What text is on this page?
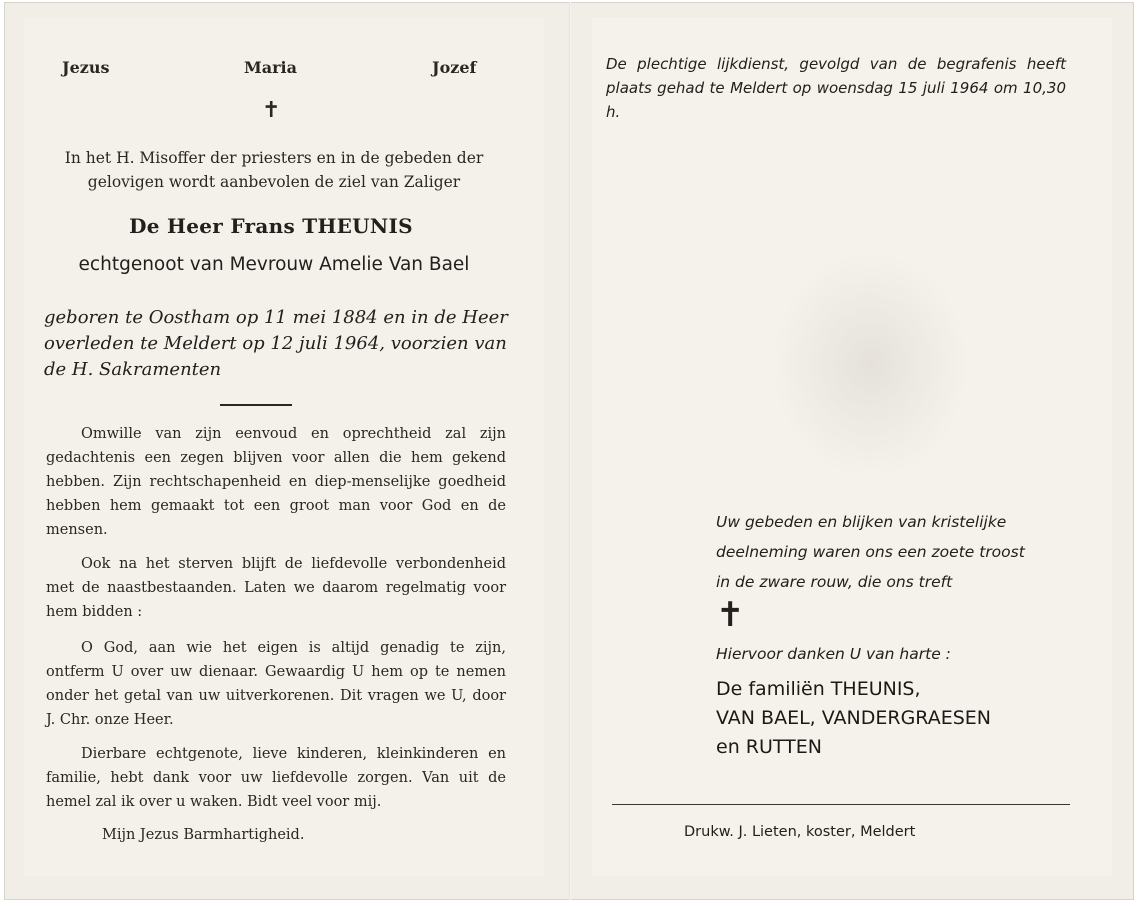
Jezus	Maria	Jozef
✝
In het H. Misoffer der priesters en in de gebeden der gelovigen wordt aanbevolen de ziel van Zaliger
De Heer Frans THEUNIS
echtgenoot van Mevrouw Amelie Van Bael
geboren te Oostham op 11 mei 1884 en in de Heer overleden te Meldert op 12 juli 1964, voorzien van de H. Sakramenten
Omwille van zijn eenvoud en oprechtheid zal zijn gedachtenis een zegen blijven voor allen die hem gekend hebben. Zijn rechtschapenheid en diep-menselijke goedheid hebben hem gemaakt tot een groot man voor God en de mensen.
Ook na het sterven blijft de liefdevolle verbondenheid met de naastbestaanden. Laten we daarom regelmatig voor hem bidden :
O God, aan wie het eigen is altijd genadig te zijn, ontferm U over uw dienaar. Gewaardig U hem op te nemen onder het getal van uw uitverkorenen. Dit vragen we U, door J. Chr. onze Heer.
Dierbare echtgenote, lieve kinderen, kleinkinderen en familie, hebt dank voor uw liefdevolle zorgen. Van uit de hemel zal ik over u waken. Bidt veel voor mij.
Mijn Jezus Barmhartigheid.
De plechtige lijkdienst, gevolgd van de begrafenis heeft plaats gehad te Meldert op woensdag 15 juli 1964 om 10,30 h.
Uw gebeden en blijken van kristelijke
deelneming waren ons een zoete troost
in de zware rouw, die ons treft
✝
Hiervoor danken U van harte :
De familiën THEUNIS,
VAN BAEL, VANDERGRAESEN
en RUTTEN
Drukw. J. Lieten, koster, Meldert
